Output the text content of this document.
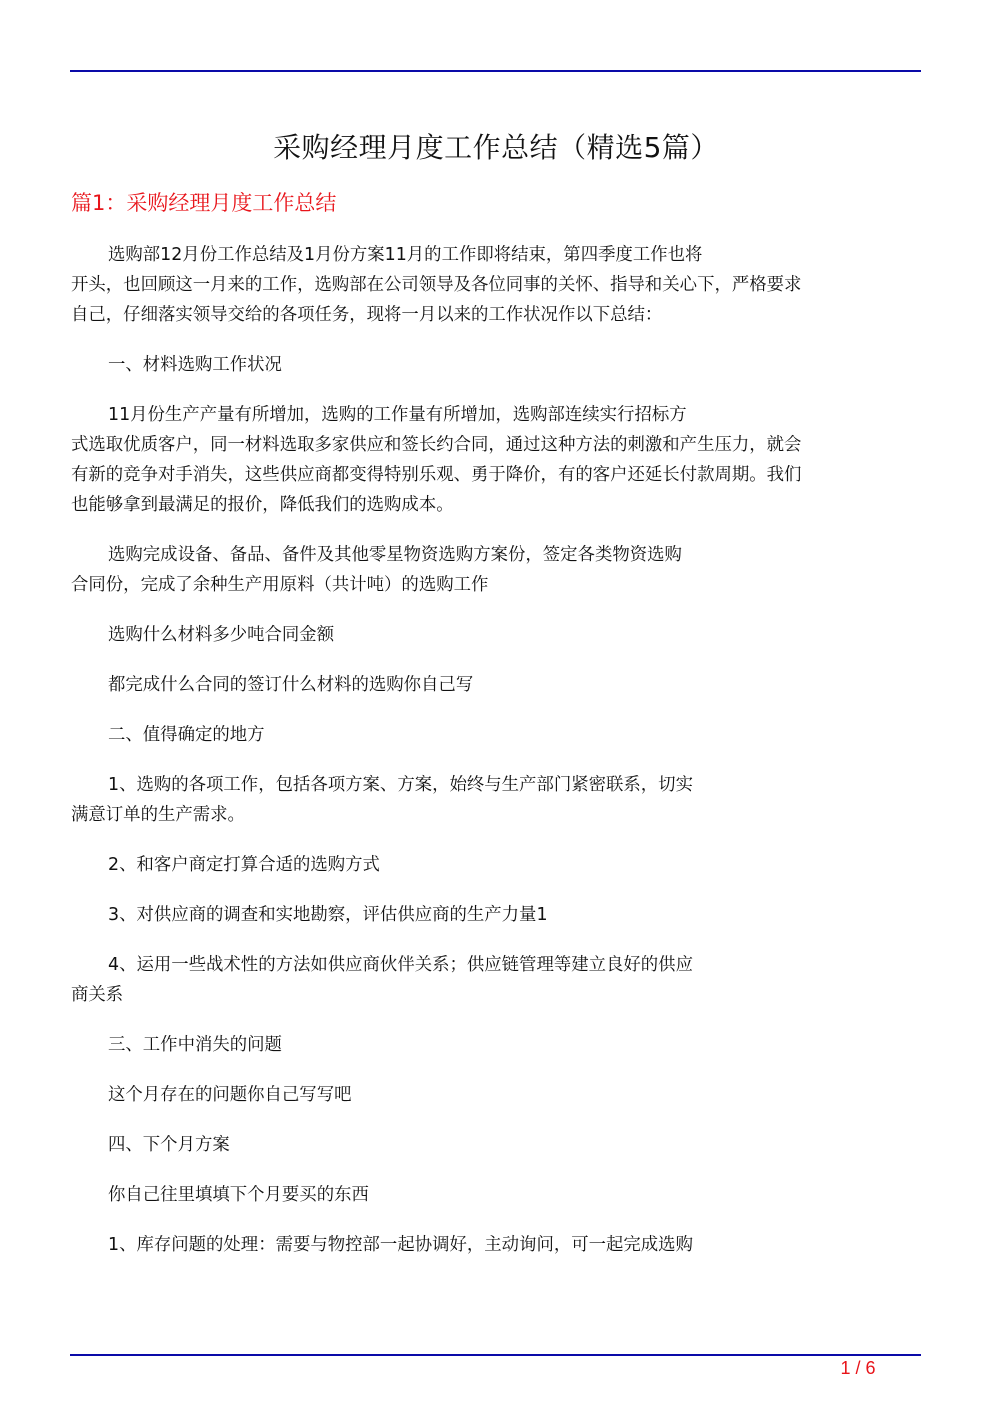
采购经理月度工作总结（精选5篇）
篇1：采购经理月度工作总结

选购部12月份工作总结及1月份方案11月的工作即将结束，第四季度工作也将
开头，也回顾这一月来的工作，选购部在公司领导及各位同事的关怀、指导和关心下，严格要求
自己，仔细落实领导交给的各项任务，现将一月以来的工作状况作以下总结：

一、材料选购工作状况

11月份生产产量有所增加，选购的工作量有所增加，选购部连续实行招标方
式选取优质客户，同一材料选取多家供应和签长约合同，通过这种方法的刺激和产生压力，就会
有新的竞争对手消失，这些供应商都变得特别乐观、勇于降价，有的客户还延长付款周期。我们
也能够拿到最满足的报价，降低我们的选购成本。

选购完成设备、备品、备件及其他零星物资选购方案份，签定各类物资选购
合同份，完成了余种生产用原料（共计吨）的选购工作

选购什么材料多少吨合同金额

都完成什么合同的签订什么材料的选购你自己写

二、值得确定的地方

1、选购的各项工作，包括各项方案、方案，始终与生产部门紧密联系，切实
满意订单的生产需求。

2、和客户商定打算合适的选购方式

3、对供应商的调查和实地勘察，评估供应商的生产力量1

4、运用一些战术性的方法如供应商伙伴关系；供应链管理等建立良好的供应
商关系

三、工作中消失的问题

这个月存在的问题你自己写写吧

四、下个月方案

你自己往里填填下个月要买的东西

1、库存问题的处理：需要与物控部一起协调好，主动询问，可一起完成选购

1 / 6
